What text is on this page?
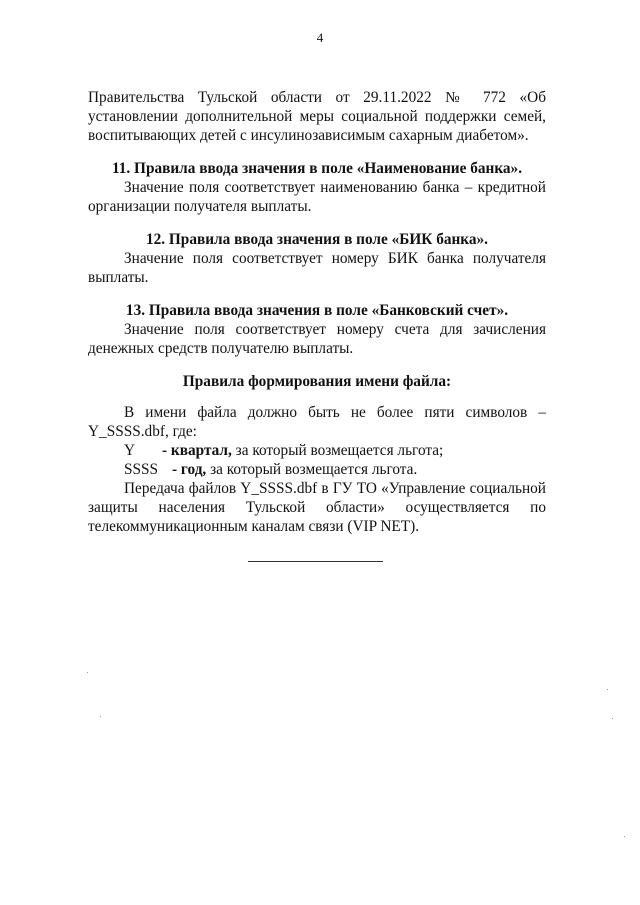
4

Правительства Тульской области от 29.11.2022 № 772 «Об

установлении дополнительной меры социальной поддержки семей,

воспитывающих детей с инсулинозависимым сахарным диабетом».

11. Правила ввода значения в поле «Наименование банка».

Значение поля соответствует наименованию банка – кредитной

организации получателя выплаты.

12. Правила ввода значения в поле «БИК банка».

Значение поля соответствует номеру БИК банка получателя

выплаты.

13. Правила ввода значения в поле «Банковский счет».

Значение поля соответствует номеру счета для зачисления

денежных средств получателю выплаты.

Правила формирования имени файла:

В имени файла должно быть не более пяти символов –

Y_SSSS.dbf, где:

Y	- квартал, за который возмещается льгота;
SSSS - год, за который возмещается льгота.

Передача файлов Y_SSSS.dbf в ГУ ТО «Управление социальной

защиты населения Тульской области» осуществляется по

телекоммуникационным каналам связи (VIP NET).
